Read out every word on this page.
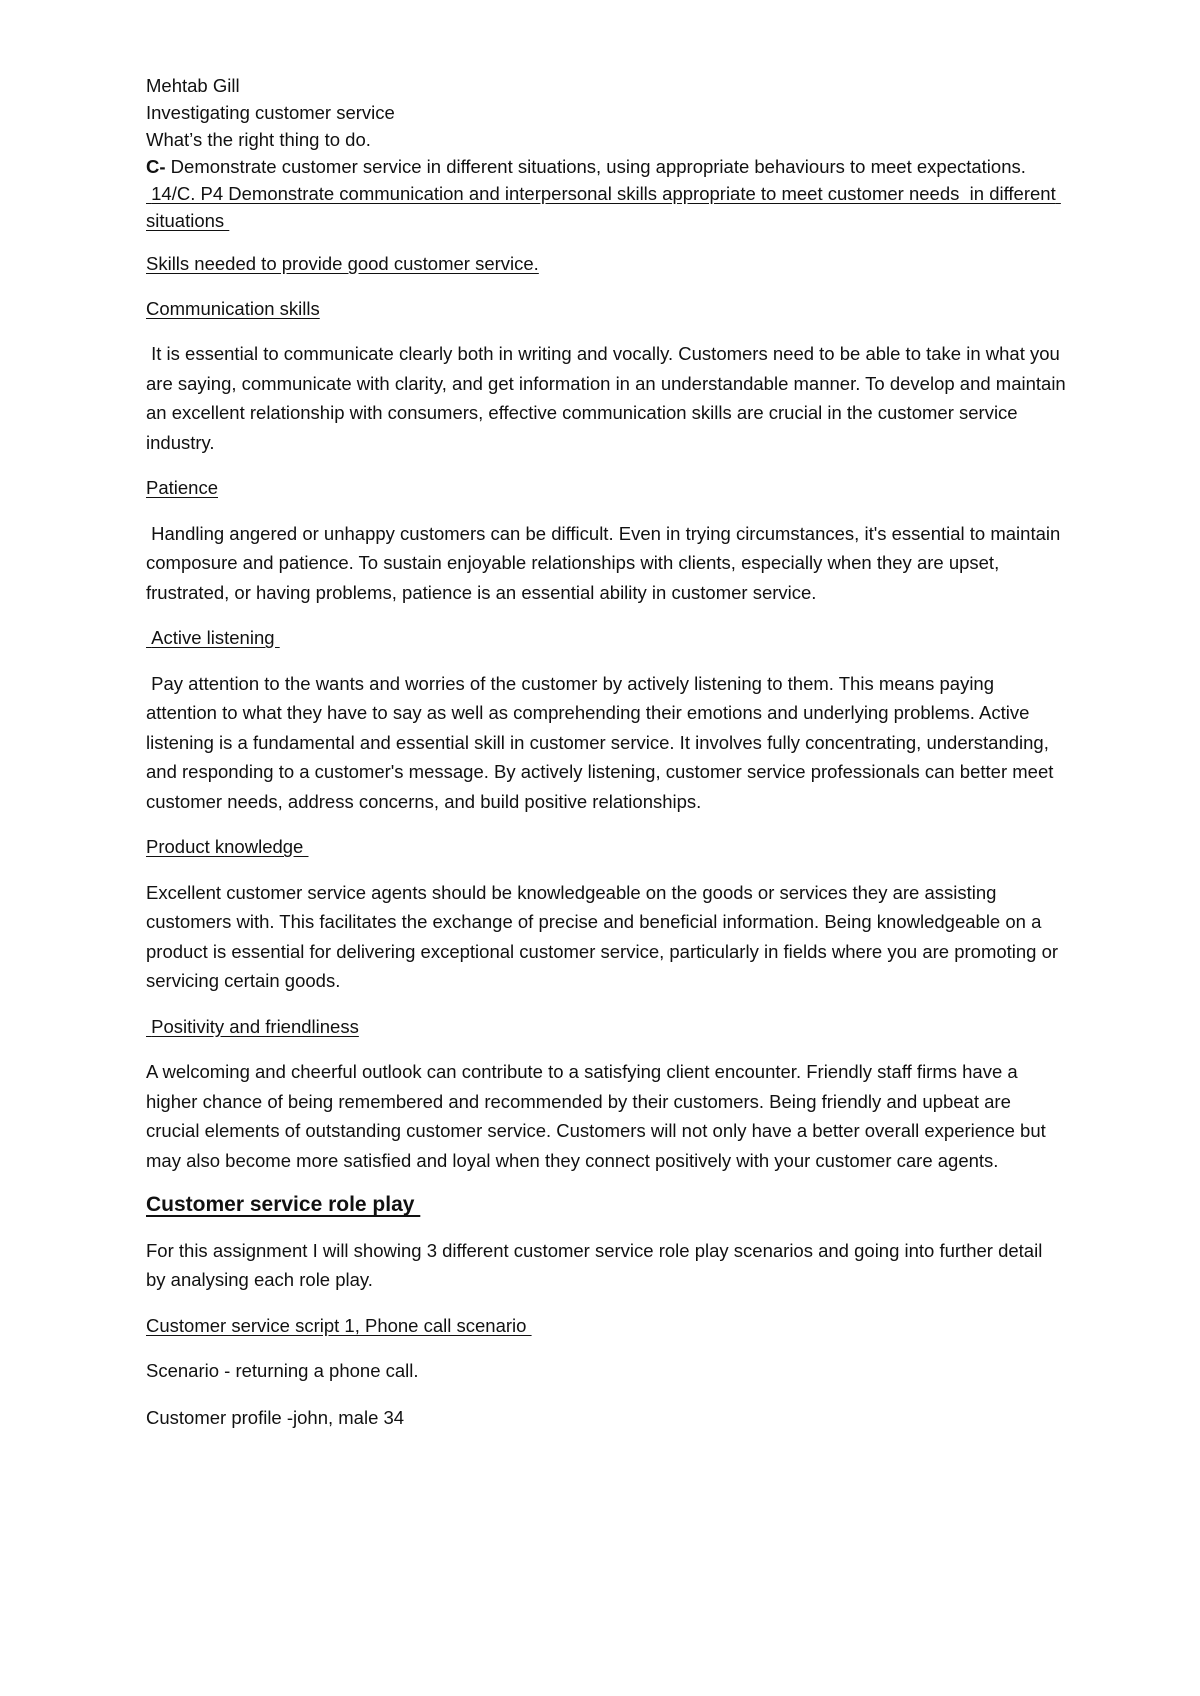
Mehtab Gill

Investigating customer service

What’s the right thing to do.

C- Demonstrate customer service in different situations, using appropriate behaviours to meet expectations.

14/C. P4 Demonstrate communication and interpersonal skills appropriate to meet customer needs  in different situations

Skills needed to provide good customer service.

Communication skills

It is essential to communicate clearly both in writing and vocally. Customers need to be able to take in what you are saying, communicate with clarity, and get information in an understandable manner. To develop and maintain an excellent relationship with consumers, effective communication skills are crucial in the customer service industry.

Patience

Handling angered or unhappy customers can be difficult. Even in trying circumstances, it's essential to maintain composure and patience. To sustain enjoyable relationships with clients, especially when they are upset, frustrated, or having problems, patience is an essential ability in customer service.

Active listening

Pay attention to the wants and worries of the customer by actively listening to them. This means paying attention to what they have to say as well as comprehending their emotions and underlying problems. Active listening is a fundamental and essential skill in customer service. It involves fully concentrating, understanding, and responding to a customer's message. By actively listening, customer service professionals can better meet customer needs, address concerns, and build positive relationships.

Product knowledge

Excellent customer service agents should be knowledgeable on the goods or services they are assisting customers with. This facilitates the exchange of precise and beneficial information. Being knowledgeable on a product is essential for delivering exceptional customer service, particularly in fields where you are promoting or servicing certain goods.

Positivity and friendliness

A welcoming and cheerful outlook can contribute to a satisfying client encounter. Friendly staff firms have a higher chance of being remembered and recommended by their customers. Being friendly and upbeat are crucial elements of outstanding customer service. Customers will not only have a better overall experience but may also become more satisfied and loyal when they connect positively with your customer care agents.

Customer service role play

For this assignment I will showing 3 different customer service role play scenarios and going into further detail by analysing each role play.

Customer service script 1, Phone call scenario

Scenario - returning a phone call.

Customer profile -john, male 34
